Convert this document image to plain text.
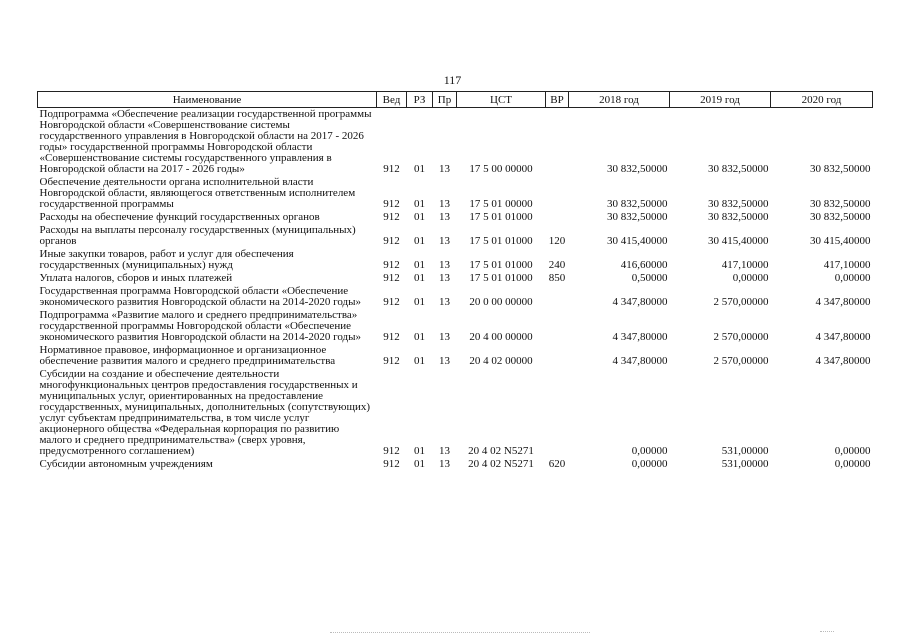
117
Наименование	Вед	РЗ	Пр	ЦСТ	ВР	2018 год	2019 год	2020 год
Подпрограмма «Обеспечение реализации государственной программы Новгородской области «Совершенствование системы государственного управления в Новгородской области на 2017 - 2026 годы» государственной программы Новгородской области «Совершенствование системы государственного управления в Новгородской области на 2017 - 2026 годы»	912	01	13	17 5 00 00000		30 832,50000	30 832,50000	30 832,50000
Обеспечение деятельности органа исполнительной власти Новгородской области, являющегося ответственным исполнителем государственной программы	912	01	13	17 5 01 00000		30 832,50000	30 832,50000	30 832,50000
Расходы на обеспечение функций государственных органов	912	01	13	17 5 01 01000		30 832,50000	30 832,50000	30 832,50000
Расходы на выплаты персоналу государственных (муниципальных) органов	912	01	13	17 5 01 01000	120	30 415,40000	30 415,40000	30 415,40000
Иные закупки товаров, работ и услуг для обеспечения государственных (муниципальных) нужд	912	01	13	17 5 01 01000	240	416,60000	417,10000	417,10000
Уплата налогов, сборов и иных платежей	912	01	13	17 5 01 01000	850	0,50000	0,00000	0,00000
Государственная программа Новгородской области «Обеспечение экономического развития Новгородской области на 2014-2020 годы»	912	01	13	20 0 00 00000		4 347,80000	2 570,00000	4 347,80000
Подпрограмма «Развитие малого и среднего предпринимательства» государственной программы Новгородской области «Обеспечение экономического развития Новгородской области на 2014-2020 годы»	912	01	13	20 4 00 00000		4 347,80000	2 570,00000	4 347,80000
Нормативное правовое, информационное и организационное обеспечение развития малого и среднего предпринимательства	912	01	13	20 4 02 00000		4 347,80000	2 570,00000	4 347,80000
Субсидии на создание и обеспечение деятельности многофункциональных центров предоставления государственных и муниципальных услуг, ориентированных на предоставление государственных, муниципальных, дополнительных (сопутствующих) услуг субъектам предпринимательства, в том числе услуг акционерного общества «Федеральная корпорация по развитию малого и среднего предпринимательства» (сверх уровня, предусмотренного соглашением)	912	01	13	20 4 02 N5271		0,00000	531,00000	0,00000
Субсидии автономным учреждениям	912	01	13	20 4 02 N5271	620	0,00000	531,00000	0,00000
